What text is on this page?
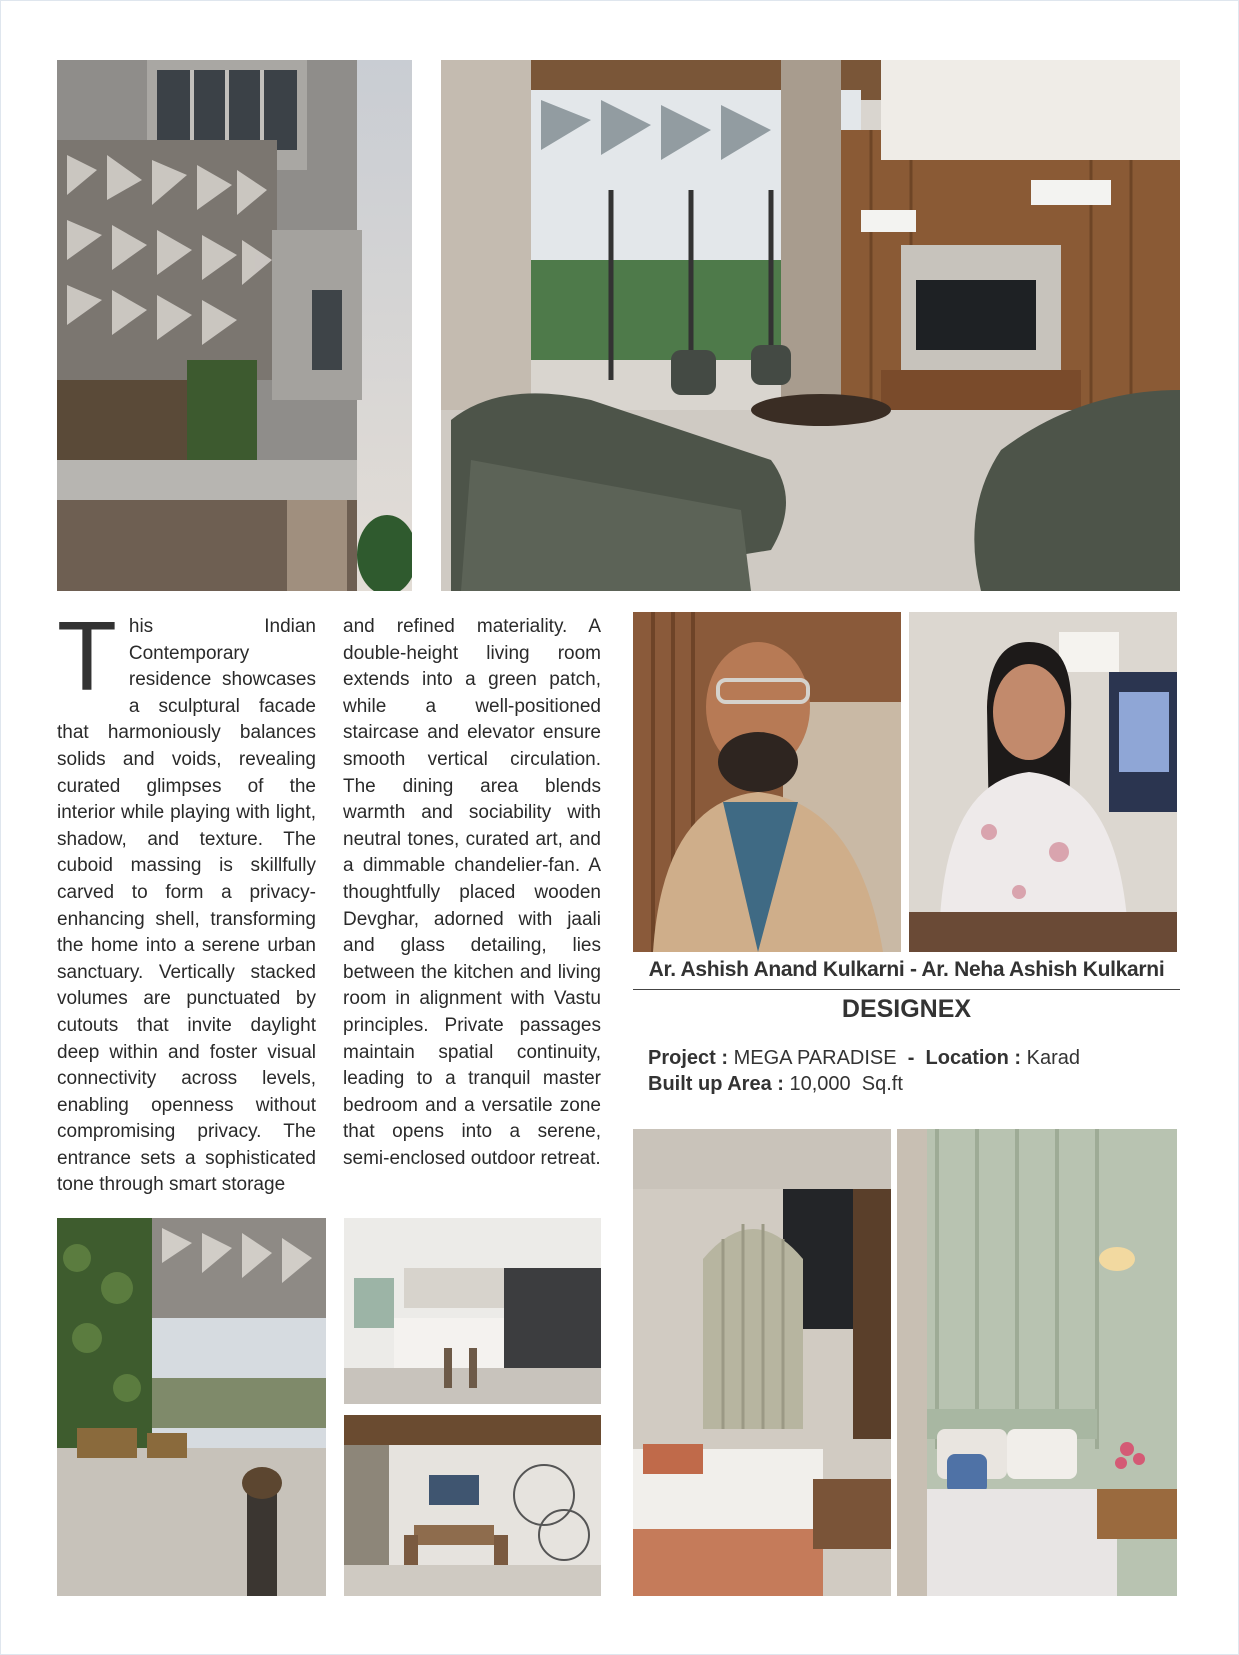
This Indian Contemporary residence showcases a sculptural facade that harmoniously balances solids and voids, revealing curated glimpses of the interior while playing with light, shadow, and texture. The cuboid massing is skillfully carved to form a privacy-enhancing shell, transforming the home into a serene urban sanctuary. Vertically stacked volumes are punctuated by cutouts that invite daylight deep within and foster visual connectivity across levels, enabling openness without compromising privacy. The entrance sets a sophisticated tone through smart storage
and refined materiality. A double-height living room extends into a green patch, while a well-positioned staircase and elevator ensure smooth vertical circulation. The dining area blends warmth and sociability with neutral tones, curated art, and a dimmable chandelier-fan. A thoughtfully placed wooden Devghar, adorned with jaali and glass detailing, lies between the kitchen and living room in alignment with Vastu principles. Private passages maintain spatial continuity, leading to a tranquil master bedroom and a versatile zone that opens into a serene, semi-enclosed outdoor retreat.
Ar. Ashish Anand Kulkarni - Ar. Neha Ashish Kulkarni
DESIGNEX
Project : MEGA PARADISE - Location : Karad
Built up Area : 10,000  Sq.ft
